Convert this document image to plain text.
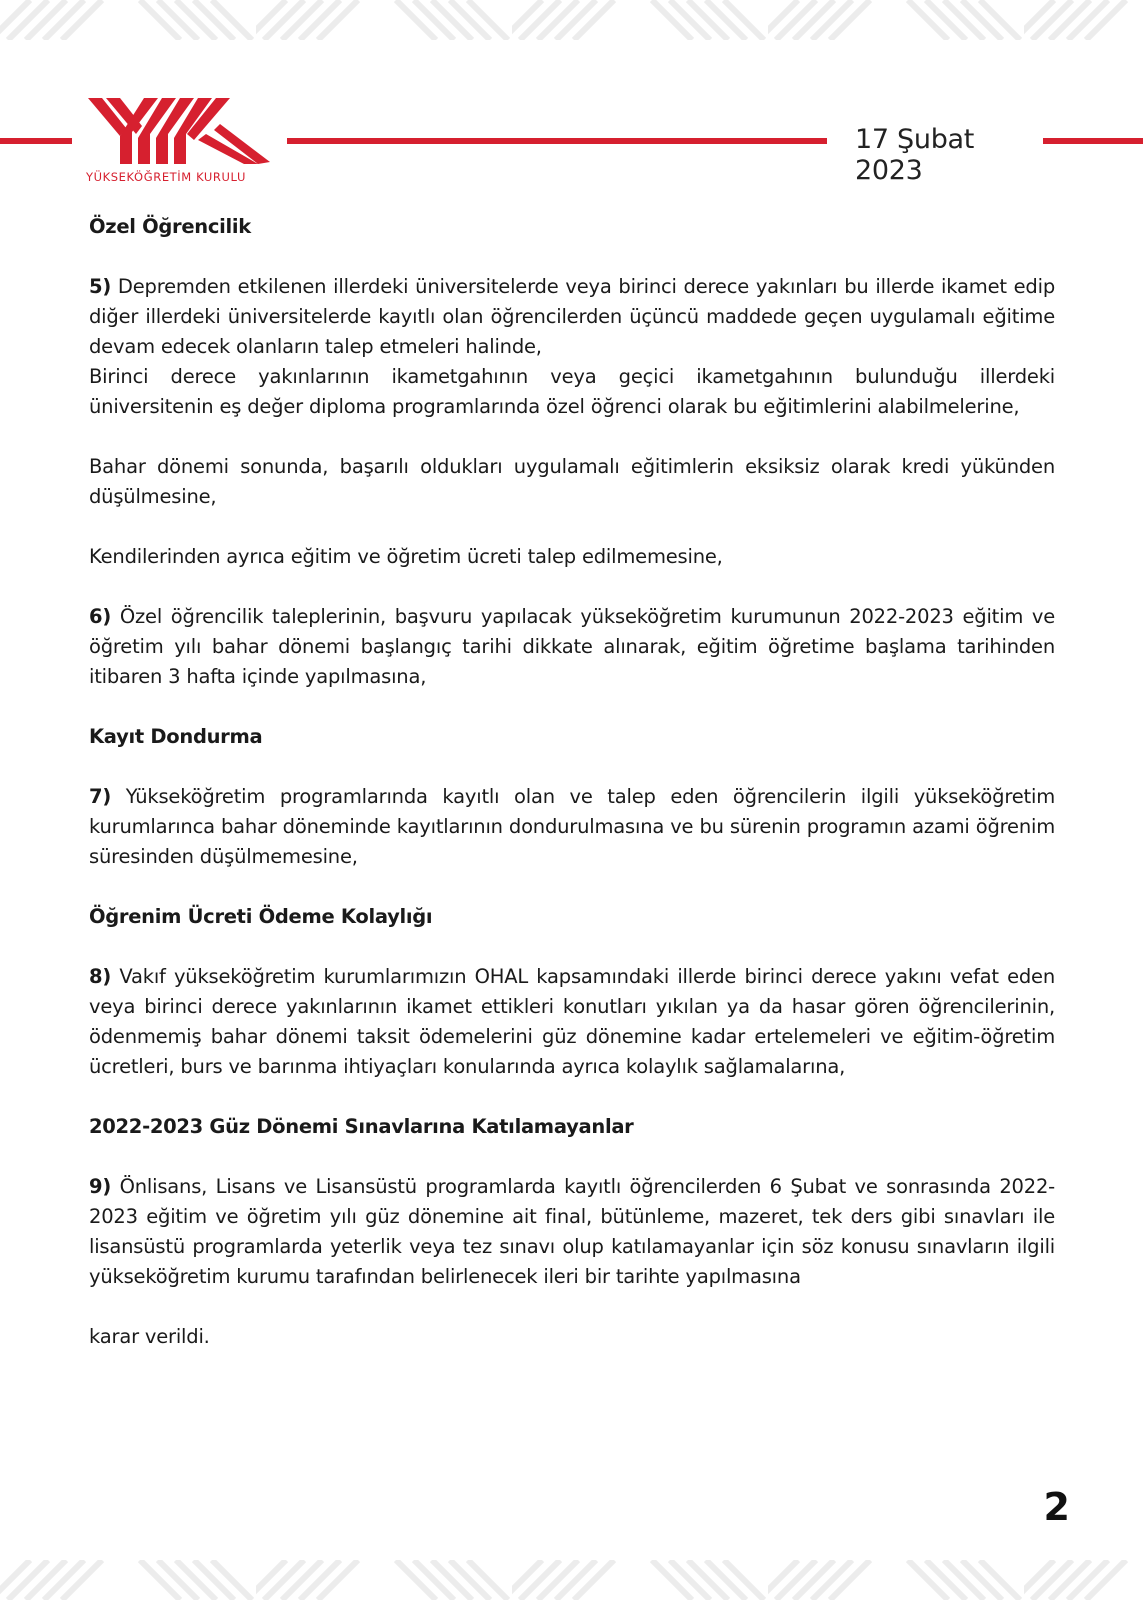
YÜKSEKÖĞRETİM KURULU
17 Şubat 2023
Özel Öğrencilik

5) Depremden etkilenen illerdeki üniversitelerde veya birinci derece yakınları bu illerde ikamet edip diğer illerdeki üniversitelerde kayıtlı olan öğrencilerden üçüncü maddede geçen uygulamalı eğitime devam edecek olanların talep etmeleri halinde,

Birinci derece yakınlarının ikametgahının veya geçici ikametgahının bulunduğu illerdeki üniversitenin eş değer diploma programlarında özel öğrenci olarak bu eğitimlerini alabilmelerine,

Bahar dönemi sonunda, başarılı oldukları uygulamalı eğitimlerin eksiksiz olarak kredi yükünden düşülmesine,

Kendilerinden ayrıca eğitim ve öğretim ücreti talep edilmemesine,

6) Özel öğrencilik taleplerinin, başvuru yapılacak yükseköğretim kurumunun 2022-2023 eğitim ve öğretim yılı bahar dönemi başlangıç tarihi dikkate alınarak, eğitim öğretime başlama tarihinden itibaren 3 hafta içinde yapılmasına,

Kayıt Dondurma

7) Yükseköğretim programlarında kayıtlı olan ve talep eden öğrencilerin ilgili yükseköğretim kurumlarınca bahar döneminde kayıtlarının dondurulmasına ve bu sürenin programın azami öğrenim süresinden düşülmemesine,

Öğrenim Ücreti Ödeme Kolaylığı

8) Vakıf yükseköğretim kurumlarımızın OHAL kapsamındaki illerde birinci derece yakını vefat eden veya birinci derece yakınlarının ikamet ettikleri konutları yıkılan ya da hasar gören öğrencilerinin, ödenmemiş bahar dönemi taksit ödemelerini güz dönemine kadar ertelemeleri ve eğitim-öğretim ücretleri, burs ve barınma ihtiyaçları konularında ayrıca kolaylık sağlamalarına,

2022-2023 Güz Dönemi Sınavlarına Katılamayanlar

9) Önlisans, Lisans ve Lisansüstü programlarda kayıtlı öğrencilerden 6 Şubat ve sonrasında 2022-2023 eğitim ve öğretim yılı güz dönemine ait final, bütünleme, mazeret, tek ders gibi sınavları ile lisansüstü programlarda yeterlik veya tez sınavı olup katılamayanlar için söz konusu sınavların ilgili yükseköğretim kurumu tarafından belirlenecek ileri bir tarihte yapılmasına

karar verildi.

2
